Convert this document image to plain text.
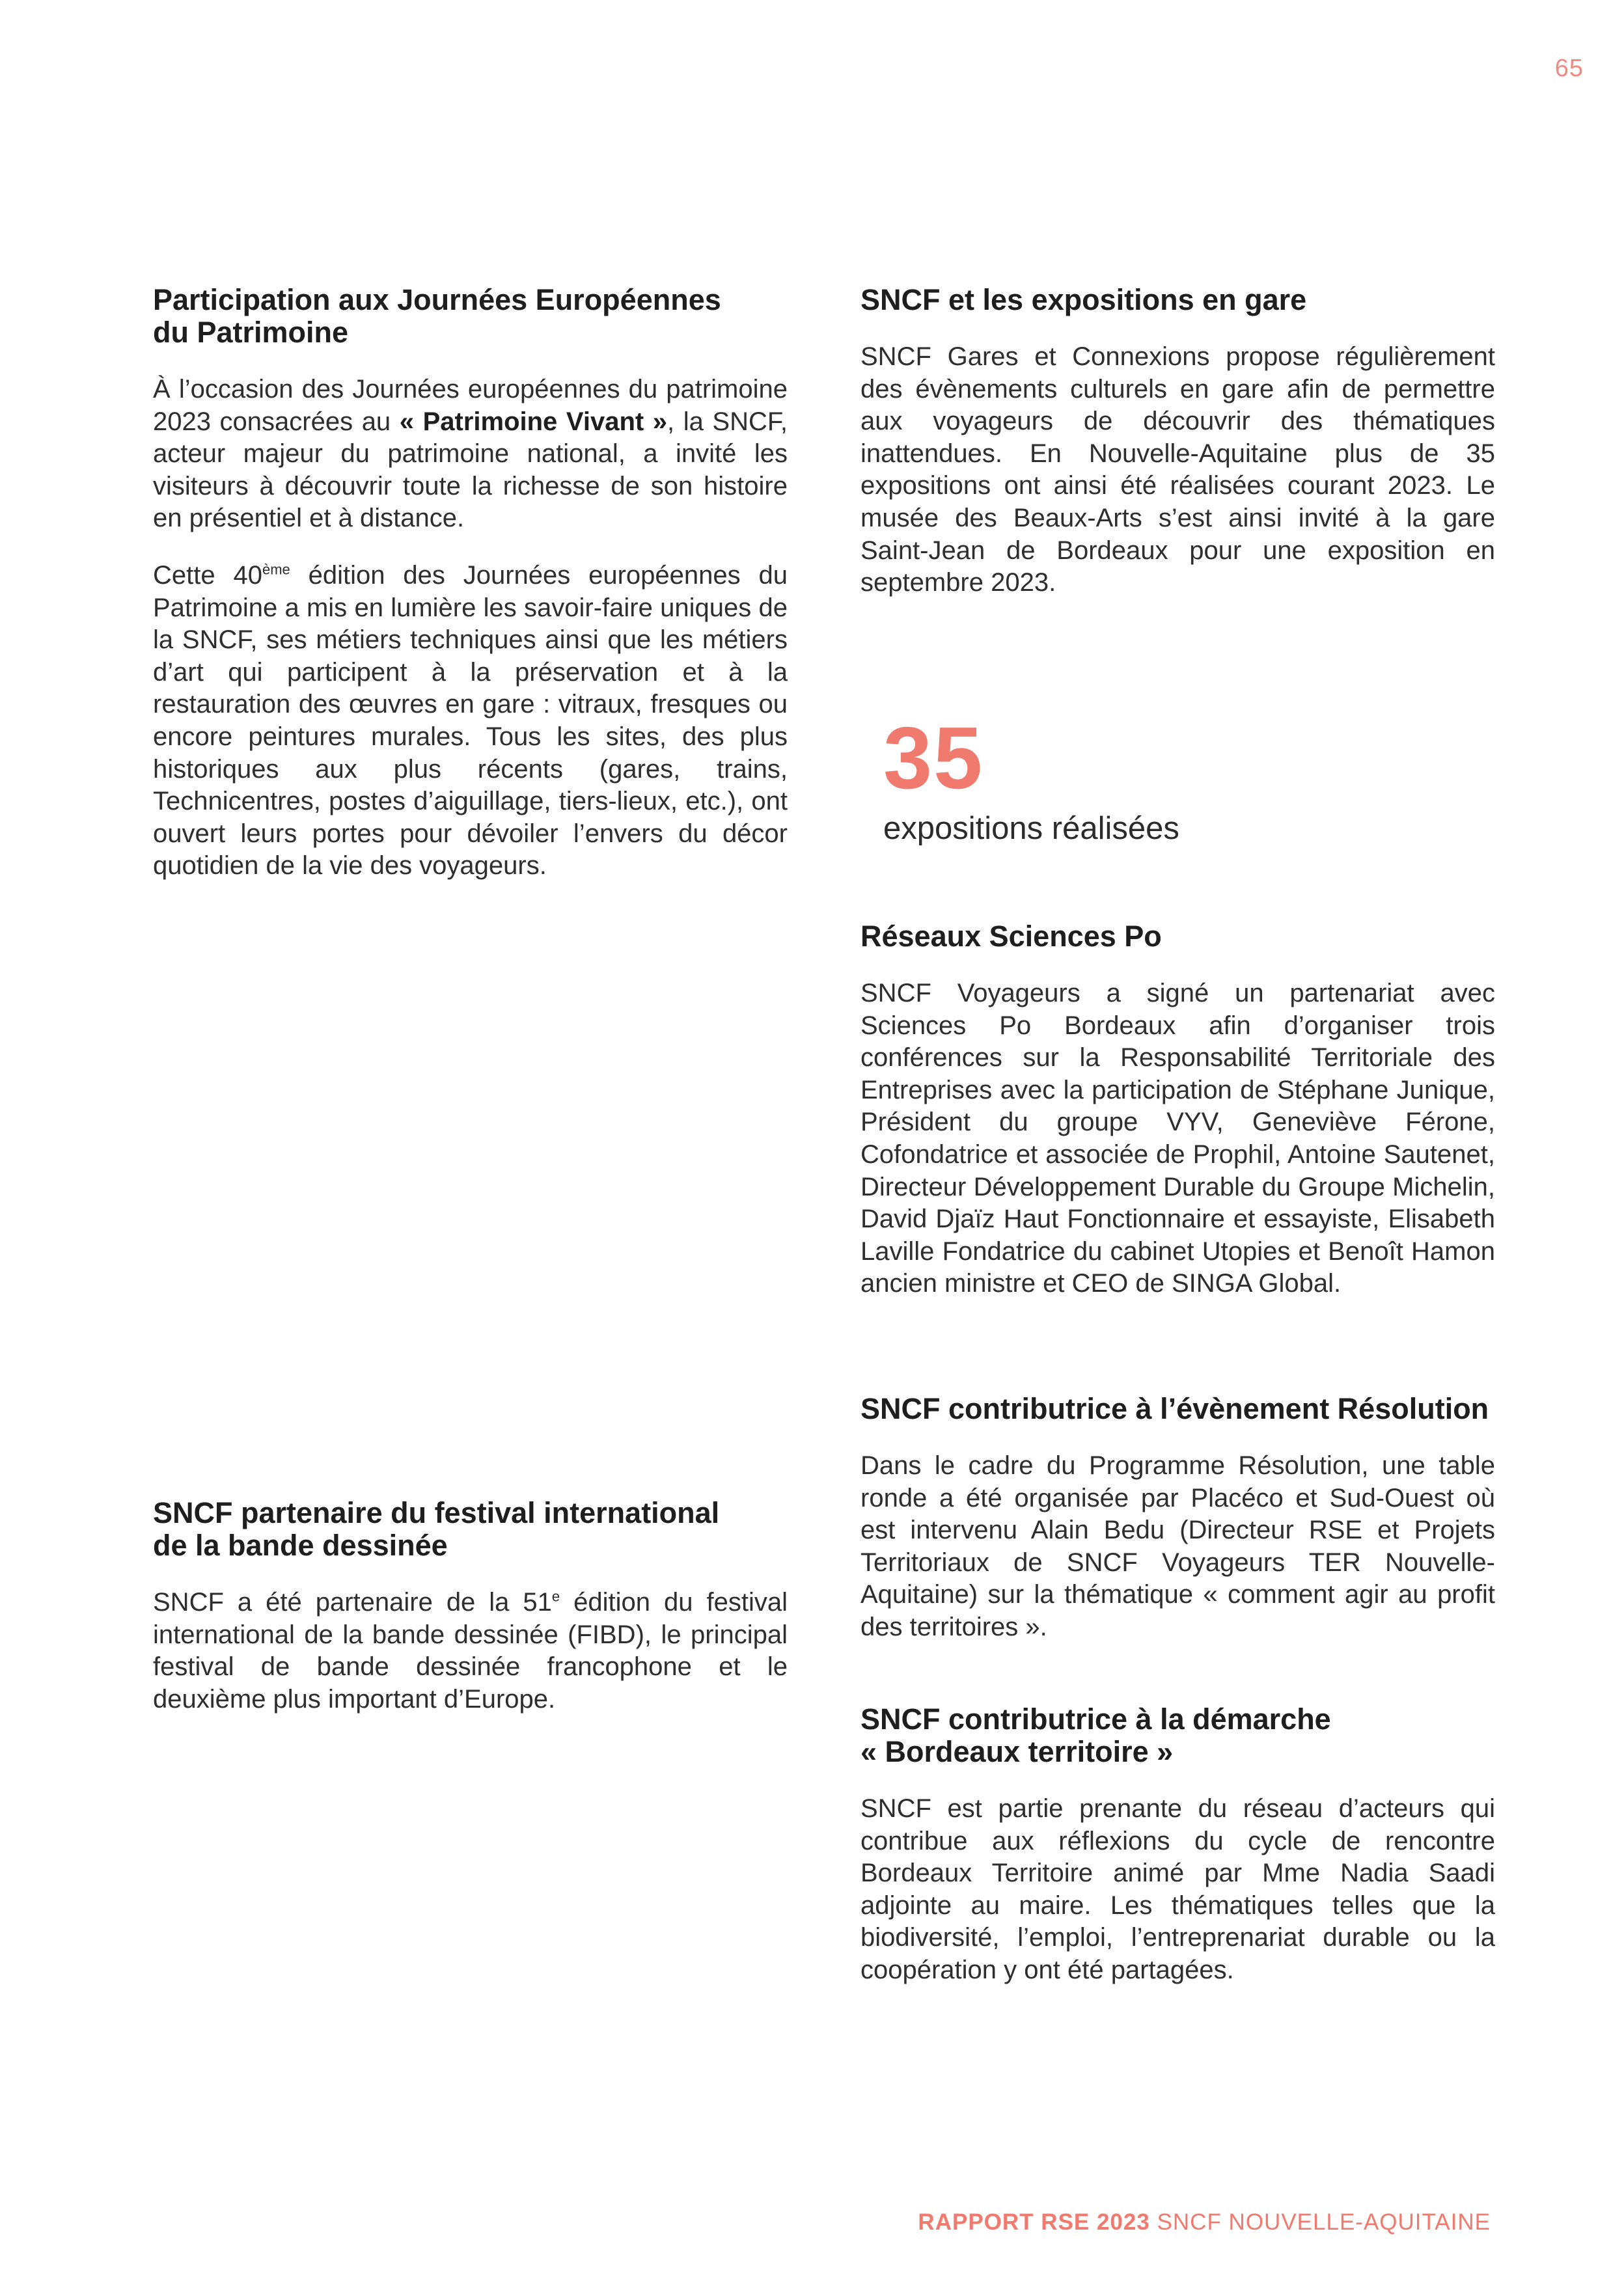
65
Participation aux Journées Européennes
du Patrimoine

À l’occasion des Journées européennes du patrimoine 2023 consacrées au « Patrimoine Vivant », la SNCF, acteur majeur du patrimoine national, a invité les visiteurs à découvrir toute la richesse de son histoire en présentiel et à distance.

Cette 40ème édition des Journées européennes du Patrimoine a mis en lumière les savoir-faire uniques de la SNCF, ses métiers techniques ainsi que les métiers d’art qui participent à la préservation et à la restauration des œuvres en gare : vitraux, fresques ou encore peintures murales. Tous les sites, des plus historiques aux plus récents (gares, trains, Technicentres, postes d’aiguillage, tiers-lieux, etc.), ont ouvert leurs portes pour dévoiler l’envers du décor quotidien de la vie des voyageurs.

SNCF partenaire du festival international
de la bande dessinée

SNCF a été partenaire de la 51e édition du festival international de la bande dessinée (FIBD), le principal festival de bande dessinée francophone et le deuxième plus important d’Europe.

SNCF et les expositions en gare

SNCF Gares et Connexions propose régulièrement des évènements culturels en gare afin de permettre aux voyageurs de découvrir des thématiques inattendues. En Nouvelle-Aquitaine plus de 35 expositions ont ainsi été réalisées courant 2023. Le musée des Beaux-Arts s’est ainsi invité à la gare Saint-Jean de Bordeaux pour une exposition en septembre 2023.

35
expositions réalisées
Réseaux Sciences Po

SNCF Voyageurs a signé un partenariat avec Sciences Po Bordeaux afin d’organiser trois conférences sur la Responsabilité Territoriale des Entreprises avec la participation de Stéphane Junique, Président du groupe VYV, Geneviève Férone, Cofondatrice et associée de Prophil, Antoine Sautenet, Directeur Développement Durable du Groupe Michelin, David Djaïz Haut Fonctionnaire et essayiste, Elisabeth Laville Fondatrice du cabinet Utopies et Benoît Hamon ancien ministre et CEO de SINGA Global.

SNCF contributrice à l’évènement Résolution

Dans le cadre du Programme Résolution, une table ronde a été organisée par Placéco et Sud-Ouest où est intervenu Alain Bedu (Directeur RSE et Projets Territoriaux de SNCF Voyageurs TER Nouvelle-Aquitaine) sur la thématique « comment agir au profit des territoires ».

SNCF contributrice à la démarche
« Bordeaux territoire »

SNCF est partie prenante du réseau d’acteurs qui contribue aux réflexions du cycle de rencontre Bordeaux Territoire animé par Mme Nadia Saadi adjointe au maire. Les thématiques telles que la biodiversité, l’emploi, l’entreprenariat durable ou la coopération y ont été partagées.

RAPPORT RSE 2023 SNCF NOUVELLE-AQUITAINE
